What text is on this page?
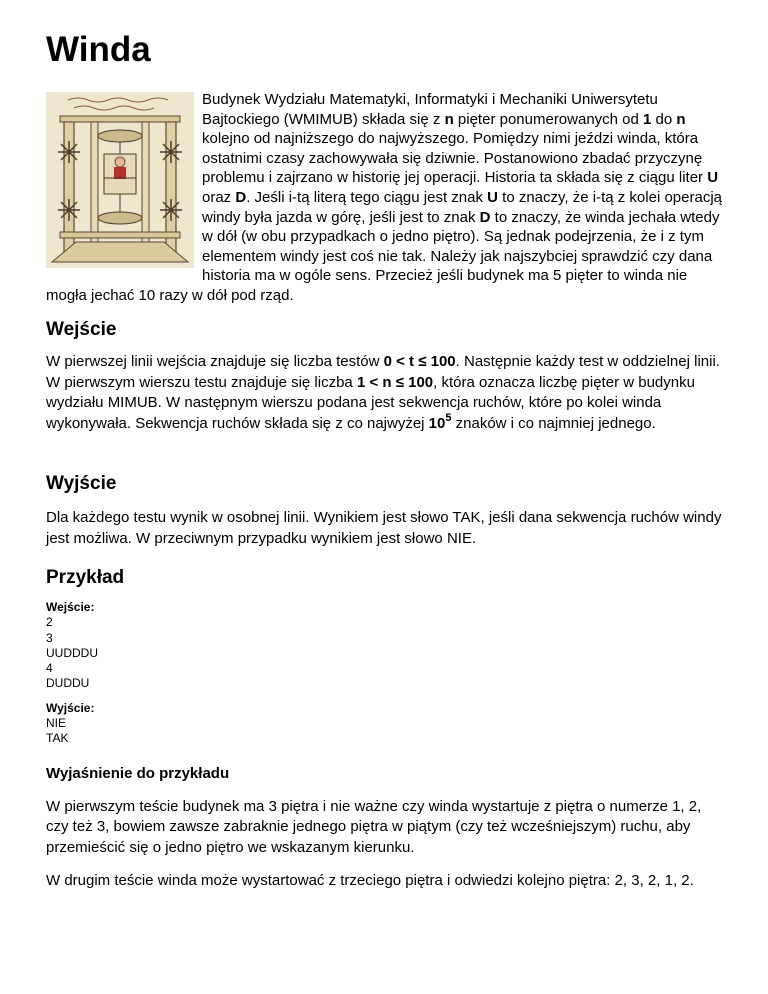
Winda
Budynek Wydziału Matematyki, Informatyki i Mechaniki Uniwersytetu Bajtockiego (WMIMUB) składa się z n pięter ponumerowanych od 1 do n kolejno od najniższego do najwyższego. Pomiędzy nimi jeździ winda, która ostatnimi czasy zachowywała się dziwnie. Postanowiono zbadać przyczynę problemu i zajrzano w historię jej operacji. Historia ta składa się z ciągu liter U oraz D. Jeśli i-tą literą tego ciągu jest znak U to znaczy, że i-tą z kolei operacją windy była jazda w górę, jeśli jest to znak D to znaczy, że winda jechała wtedy w dół (w obu przypadkach o jedno piętro). Są jednak podejrzenia, że i z tym elementem windy jest coś nie tak. Należy jak najszybciej sprawdzić czy dana historia ma w ogóle sens. Przecież jeśli budynek ma 5 pięter to winda nie mogła jechać 10 razy w dół pod rząd.
Wejście

W pierwszej linii wejścia znajduje się liczba testów 0 < t ≤ 100. Następnie każdy test w oddzielnej linii. W pierwszym wierszu testu znajduje się liczba 1 < n ≤ 100, która oznacza liczbę pięter w budynku wydziału MIMUB. W następnym wierszu podana jest sekwencja ruchów, które po kolei winda wykonywała. Sekwencja ruchów składa się z co najwyżej $10^5$ znaków i co najmniej jednego.

Wyjście

Dla każdego testu wynik w osobnej linii. Wynikiem jest słowo TAK, jeśli dana sekwencja ruchów windy jest możliwa. W przeciwnym przypadku wynikiem jest słowo NIE.

Przykład
Wejście:
2
3
UUDDDU
4
DUDDU
Wyjście:
NIE
TAK
Wyjaśnienie do przykładu

W pierwszym teście budynek ma 3 piętra i nie ważne czy winda wystartuje z piętra o numerze 1, 2, czy też 3, bowiem zawsze zabraknie jednego piętra w piątym (czy też wcześniejszym) ruchu, aby przemieścić się o jedno piętro we wskazanym kierunku.

W drugim teście winda może wystartować z trzeciego piętra i odwiedzi kolejno piętra: 2, 3, 2, 1, 2.
